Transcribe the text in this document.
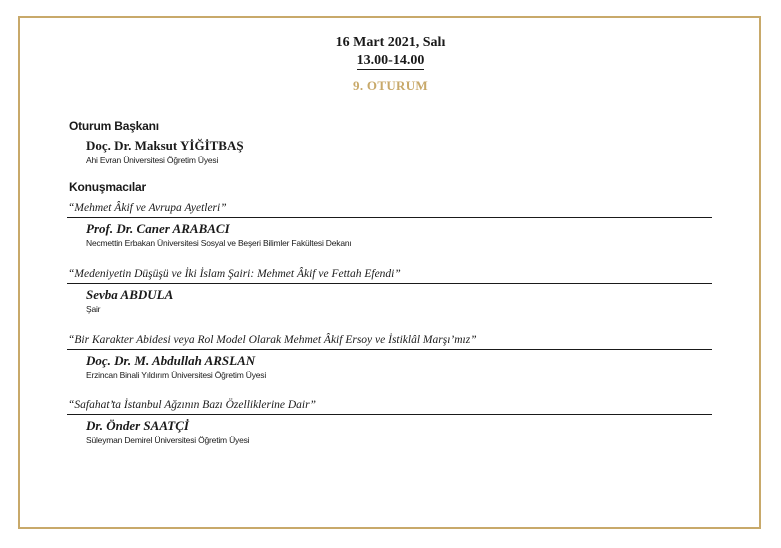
16 Mart 2021, Salı
13.00-14.00
9. OTURUM
Oturum Başkanı
Doç. Dr. Maksut YİĞİTBAŞ
Ahi Evran Üniversitesi Öğretim Üyesi
Konuşmacılar
“Mehmet Âkif ve Avrupa Ayetleri”
Prof. Dr. Caner ARABACI
Necmettin Erbakan Üniversitesi Sosyal ve Beşeri Bilimler Fakültesi Dekanı
“Medeniyetin Düşüşü ve İki İslam Şairi: Mehmet Âkif ve Fettah Efendi”
Sevba ABDULA
Şair
“Bir Karakter Abidesi veya Rol Model Olarak Mehmet Âkif Ersoy ve İstiklâl Marşı’mız”
Doç. Dr. M. Abdullah ARSLAN
Erzincan Binali Yıldırım Üniversitesi Öğretim Üyesi
“Safahat’ta İstanbul Ağzının Bazı Özelliklerine Dair”
Dr. Önder SAATÇİ
Süleyman Demirel Üniversitesi Öğretim Üyesi
